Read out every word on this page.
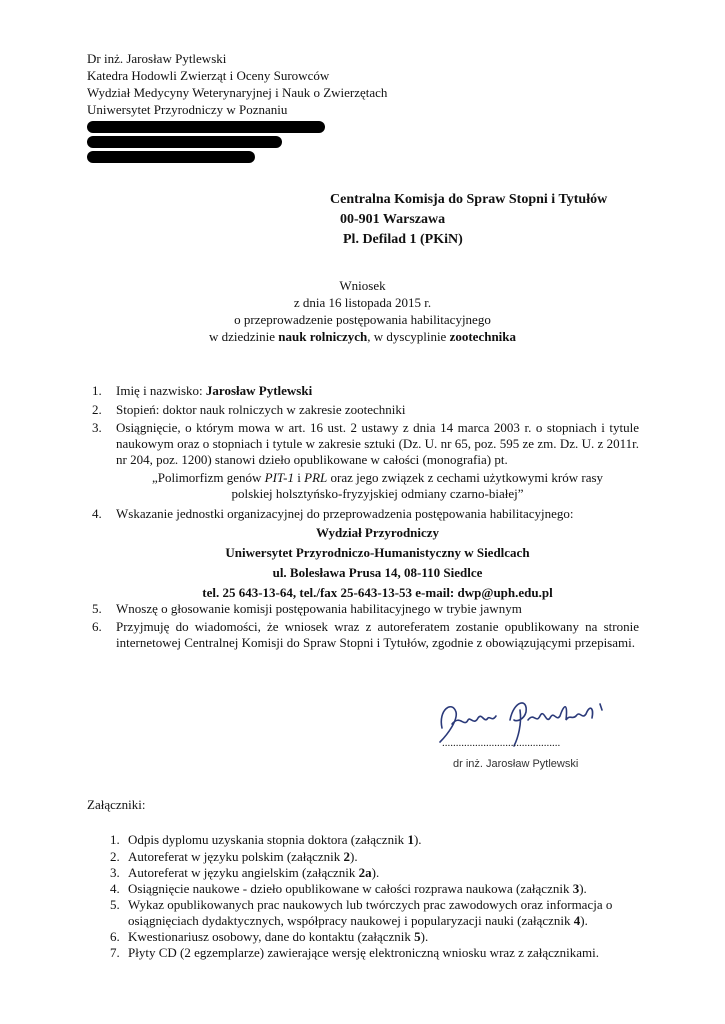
Dr inż. Jarosław Pytlewski
Katedra Hodowli Zwierząt i Oceny Surowców
Wydział Medycyny Weterynaryjnej i Nauk o Zwierzętach
Uniwersytet Przyrodniczy w Poznaniu
Centralna Komisja do Spraw Stopni i Tytułów
00-901 Warszawa
Pl. Defilad 1 (PKiN)
Wniosek
z dnia 16 listopada 2015 r.
o przeprowadzenie postępowania habilitacyjnego
w dziedzinie nauk rolniczych, w dyscyplinie zootechnika
1.	Imię i nazwisko: Jarosław Pytlewski
2.	Stopień: doktor nauk rolniczych w zakresie zootechniki
3.	Osiągnięcie, o którym mowa w art. 16 ust. 2 ustawy z dnia 14 marca 2003 r. o stopniach i tytule naukowym oraz o stopniach i tytule w zakresie sztuki (Dz. U. nr 65, poz. 595 ze zm. Dz. U. z 2011r. nr 204, poz. 1200) stanowi dzieło opublikowane w całości (monografia) pt.
„Polimorfizm genów PIT-1 i PRL oraz jego związek z cechami użytkowymi krów rasy
polskiej holsztyńsko-fryzyjskiej odmiany czarno-białej”
4.	Wskazanie jednostki organizacyjnej do przeprowadzenia postępowania habilitacyjnego:
Wydział Przyrodniczy
Uniwersytet Przyrodniczo-Humanistyczny w Siedlcach
ul. Bolesława Prusa 14, 08-110 Siedlce
tel. 25 643-13-64, tel./fax 25-643-13-53 e-mail: dwp@uph.edu.pl
5.	Wnoszę o głosowanie komisji postępowania habilitacyjnego w trybie jawnym
6.	Przyjmuję do wiadomości, że wniosek wraz z autoreferatem zostanie opublikowany na stronie internetowej Centralnej Komisji do Spraw Stopni i Tytułów, zgodnie z obowiązującymi przepisami.
...........................................
dr inż. Jarosław Pytlewski
Załączniki:
1. Odpis dyplomu uzyskania stopnia doktora (załącznik 1).
2. Autoreferat w języku polskim (załącznik 2).
3. Autoreferat w języku angielskim (załącznik 2a).
4. Osiągnięcie naukowe - dzieło opublikowane w całości rozprawa naukowa (załącznik 3).
5. Wykaz opublikowanych prac naukowych lub twórczych prac zawodowych oraz informacja o osiągnięciach dydaktycznych, współpracy naukowej i popularyzacji nauki (załącznik 4).
6. Kwestionariusz osobowy, dane do kontaktu (załącznik 5).
7. Płyty CD (2 egzemplarze) zawierające wersję elektroniczną wniosku wraz z załącznikami.
